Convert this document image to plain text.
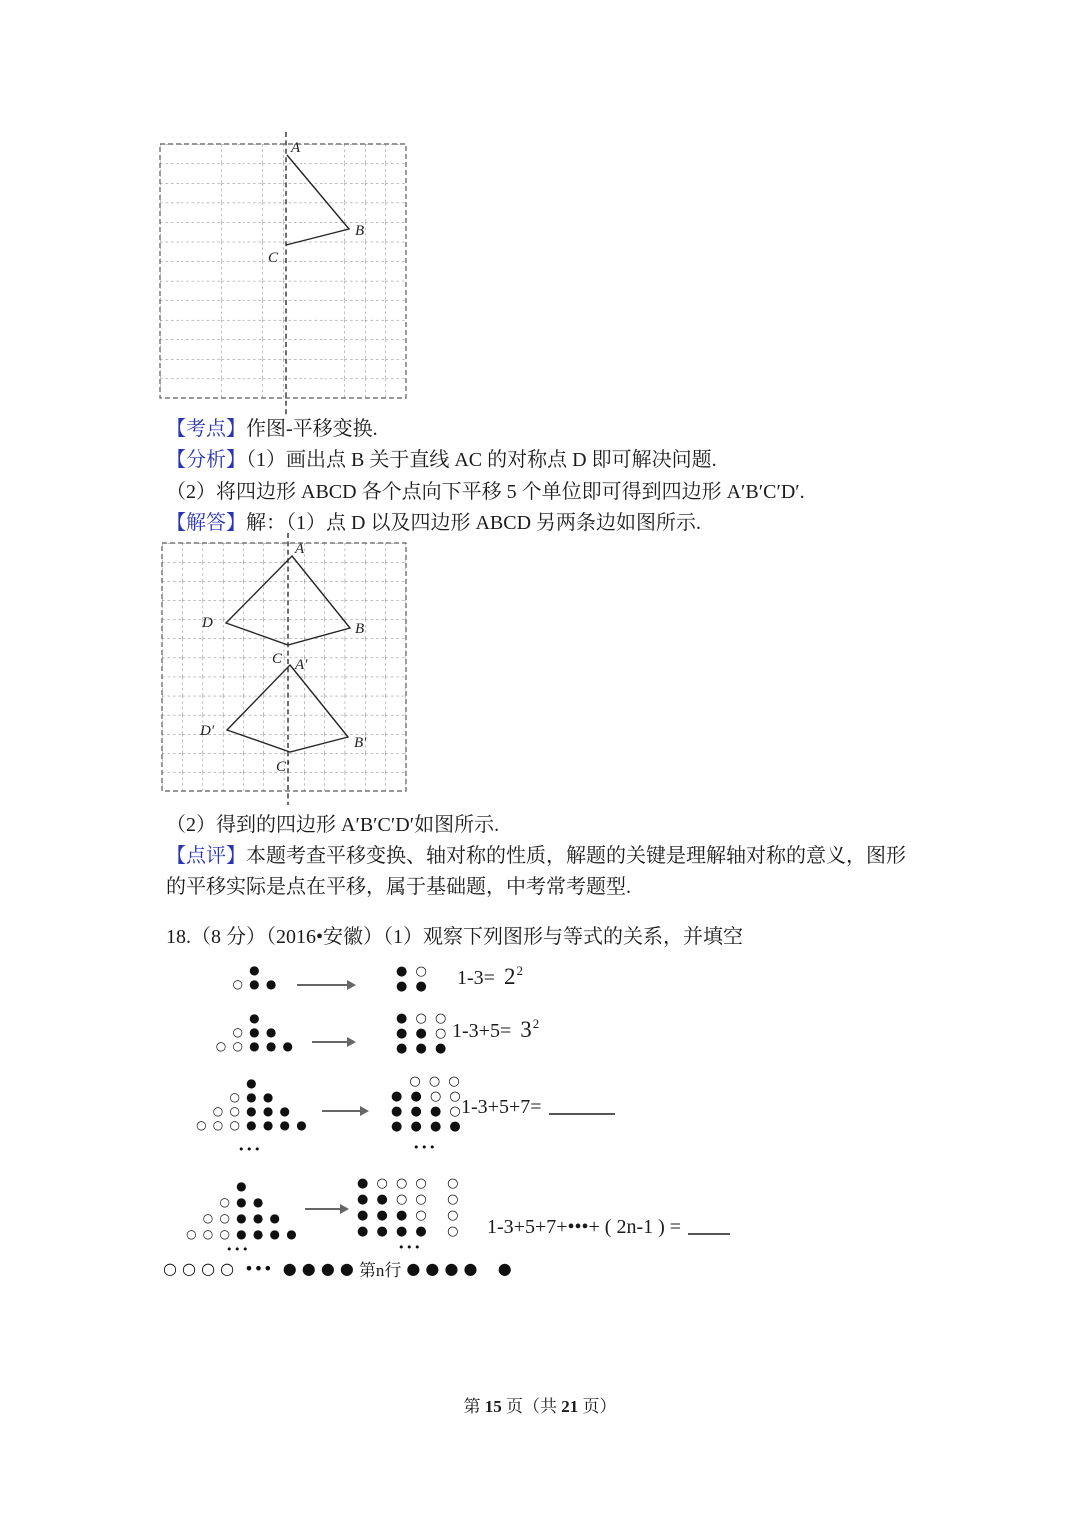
A
B
C
【考点】作图-平移变换.
【分析】（1）画出点 B 关于直线 AC 的对称点 D 即可解决问题.
（2）将四边形 ABCD 各个点向下平移 5 个单位即可得到四边形 A′B′C′D′.
【解答】解：（1）点 D 以及四边形 ABCD 另两条边如图所示.
A
D	B
C A′
D′
B′
C′
（2）得到的四边形 A′B′C′D′如图所示.
【点评】本题考查平移变换、轴对称的性质，解题的关键是理解轴对称的意义，图形的平移实际是点在平移，属于基础题，中考常考题型.
18.（8 分）（2016•安徽）（1）观察下列图形与等式的关系，并填空
●
○ ● ●
● ○
● ● $1-3= 2^2$
●
○ ● ●
○ ○ ● ● ●
● ○ ○
● ● ○
● ● ●
$1-3+5= 3^2$
●
○ ● ●
○ ○ ● ● ●
○ ○ ○ ● ● ● ●
•••
○ ○ ○
● ● ○ ○
● ● ● ○
● ● ● ●
•••
1-3+5+7=
●
○ ● ●
○ ○ ● ● ●
○ ○ ○ ● ● ● ●
•••
● ○ ○ ○   ○
● ● ○ ○   ○
● ● ● ○   ○
● ● ● ●   ○
•••
1-3+5+7+•••+ ( 2n-1 ) =
○ ○ ○ ○  •••  ● ● ● ● 第n行 ● ● ● ●    ●
第 15 页（共 21 页）
